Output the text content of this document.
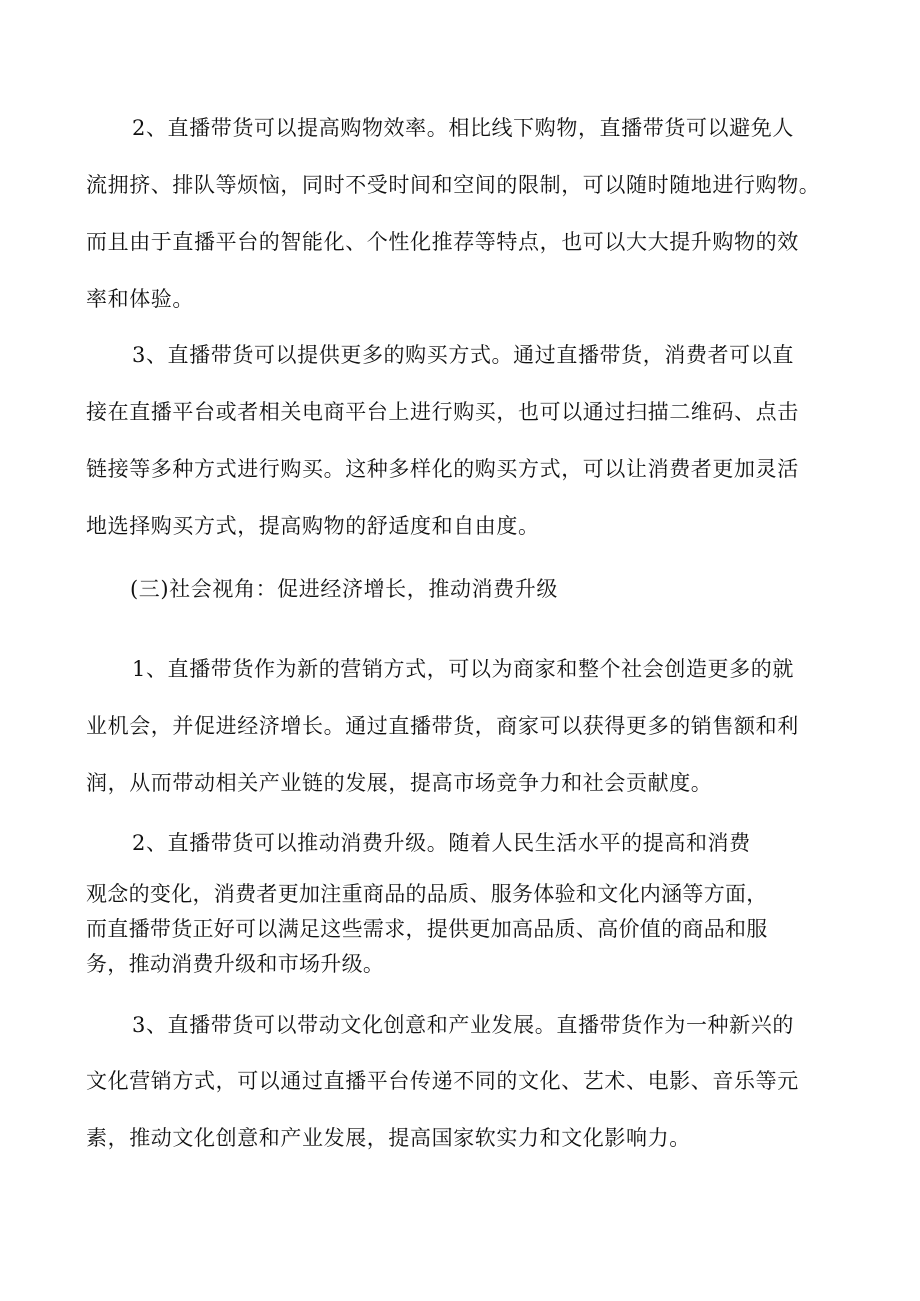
2、直播带货可以提高购物效率。相比线下购物，直播带货可以避免人
流拥挤、排队等烦恼，同时不受时间和空间的限制，可以随时随地进行购物。
而且由于直播平台的智能化、个性化推荐等特点，也可以大大提升购物的效
率和体验。
3、直播带货可以提供更多的购买方式。通过直播带货，消费者可以直
接在直播平台或者相关电商平台上进行购买，也可以通过扫描二维码、点击
链接等多种方式进行购买。这种多样化的购买方式，可以让消费者更加灵活
地选择购买方式，提高购物的舒适度和自由度。
(三)社会视角：促进经济增长，推动消费升级
1、直播带货作为新的营销方式，可以为商家和整个社会创造更多的就
业机会，并促进经济增长。通过直播带货，商家可以获得更多的销售额和利
润，从而带动相关产业链的发展，提高市场竞争力和社会贡献度。
2、直播带货可以推动消费升级。随着人民生活水平的提高和消费
观念的变化，消费者更加注重商品的品质、服务体验和文化内涵等方面，
而直播带货正好可以满足这些需求，提供更加高品质、高价值的商品和服
务，推动消费升级和市场升级。
3、直播带货可以带动文化创意和产业发展。直播带货作为一种新兴的
文化营销方式，可以通过直播平台传递不同的文化、艺术、电影、音乐等元
素，推动文化创意和产业发展，提高国家软实力和文化影响力。
